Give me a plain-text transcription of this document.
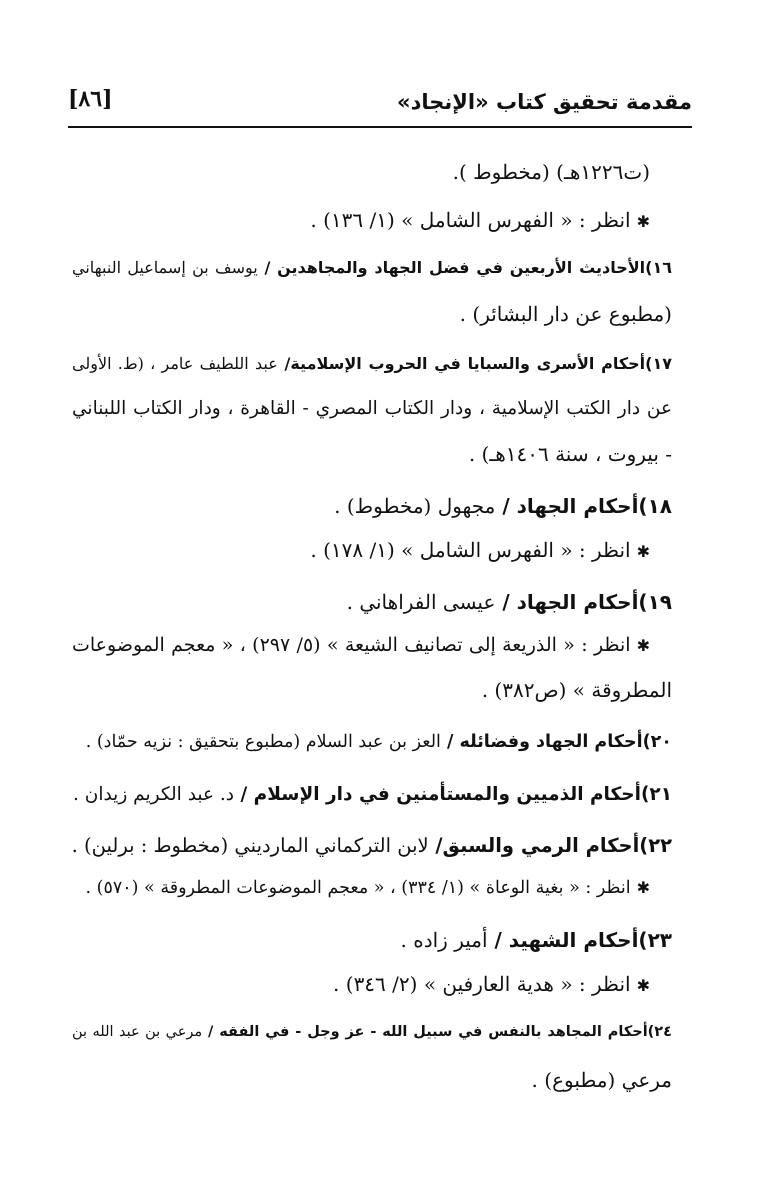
مقدمة تحقيق كتاب «الإنجاد»
[٨٦]
(ت١٢٢٦هـ) (مخطوط ).
✱انظر : « الفهرس الشامل » (١/ ١٣٦) .
١٦)الأحاديث الأربعين في فضل الجهاد والمجاهدين / يوسف بن إسماعيل النبهاني
(مطبوع عن دار البشائر) .
١٧)أحكام الأسرى والسبايا في الحروب الإسلامية/ عبد اللطيف عامر ، (ط. الأولى
عن دار الكتب الإسلامية ، ودار الكتاب المصري - القاهرة ، ودار الكتاب اللبناني
- بيروت ، سنة ١٤٠٦هـ) .
١٨)أحكام الجهاد / مجهول (مخطوط) .
✱انظر : « الفهرس الشامل » (١/ ١٧٨) .
١٩)أحكام الجهاد / عيسى الفراهاني .
✱انظر : « الذريعة إلى تصانيف الشيعة » (٥/ ٢٩٧) ، « معجم الموضوعات
المطروقة » (ص٣٨٢) .
٢٠)أحكام الجهاد وفضائله / العز بن عبد السلام (مطبوع بتحقيق : نزيه حمّاد) .
٢١)أحكام الذميين والمستأمنين في دار الإسلام / د. عبد الكريم زيدان .
٢٢)أحكام الرمي والسبق/ لابن التركماني المارديني (مخطوط : برلين) .
✱انظر : « بغية الوعاة » (١/ ٣٣٤) ، « معجم الموضوعات المطروقة » (٥٧٠) .
٢٣)أحكام الشهيد / أمير زاده .
✱انظر : « هدية العارفين » (٢/ ٣٤٦) .
٢٤)أحكام المجاهد بالنفس في سبيل الله - عز وجل - في الفقه / مرعي بن عبد الله بن
مرعي (مطبوع) .
